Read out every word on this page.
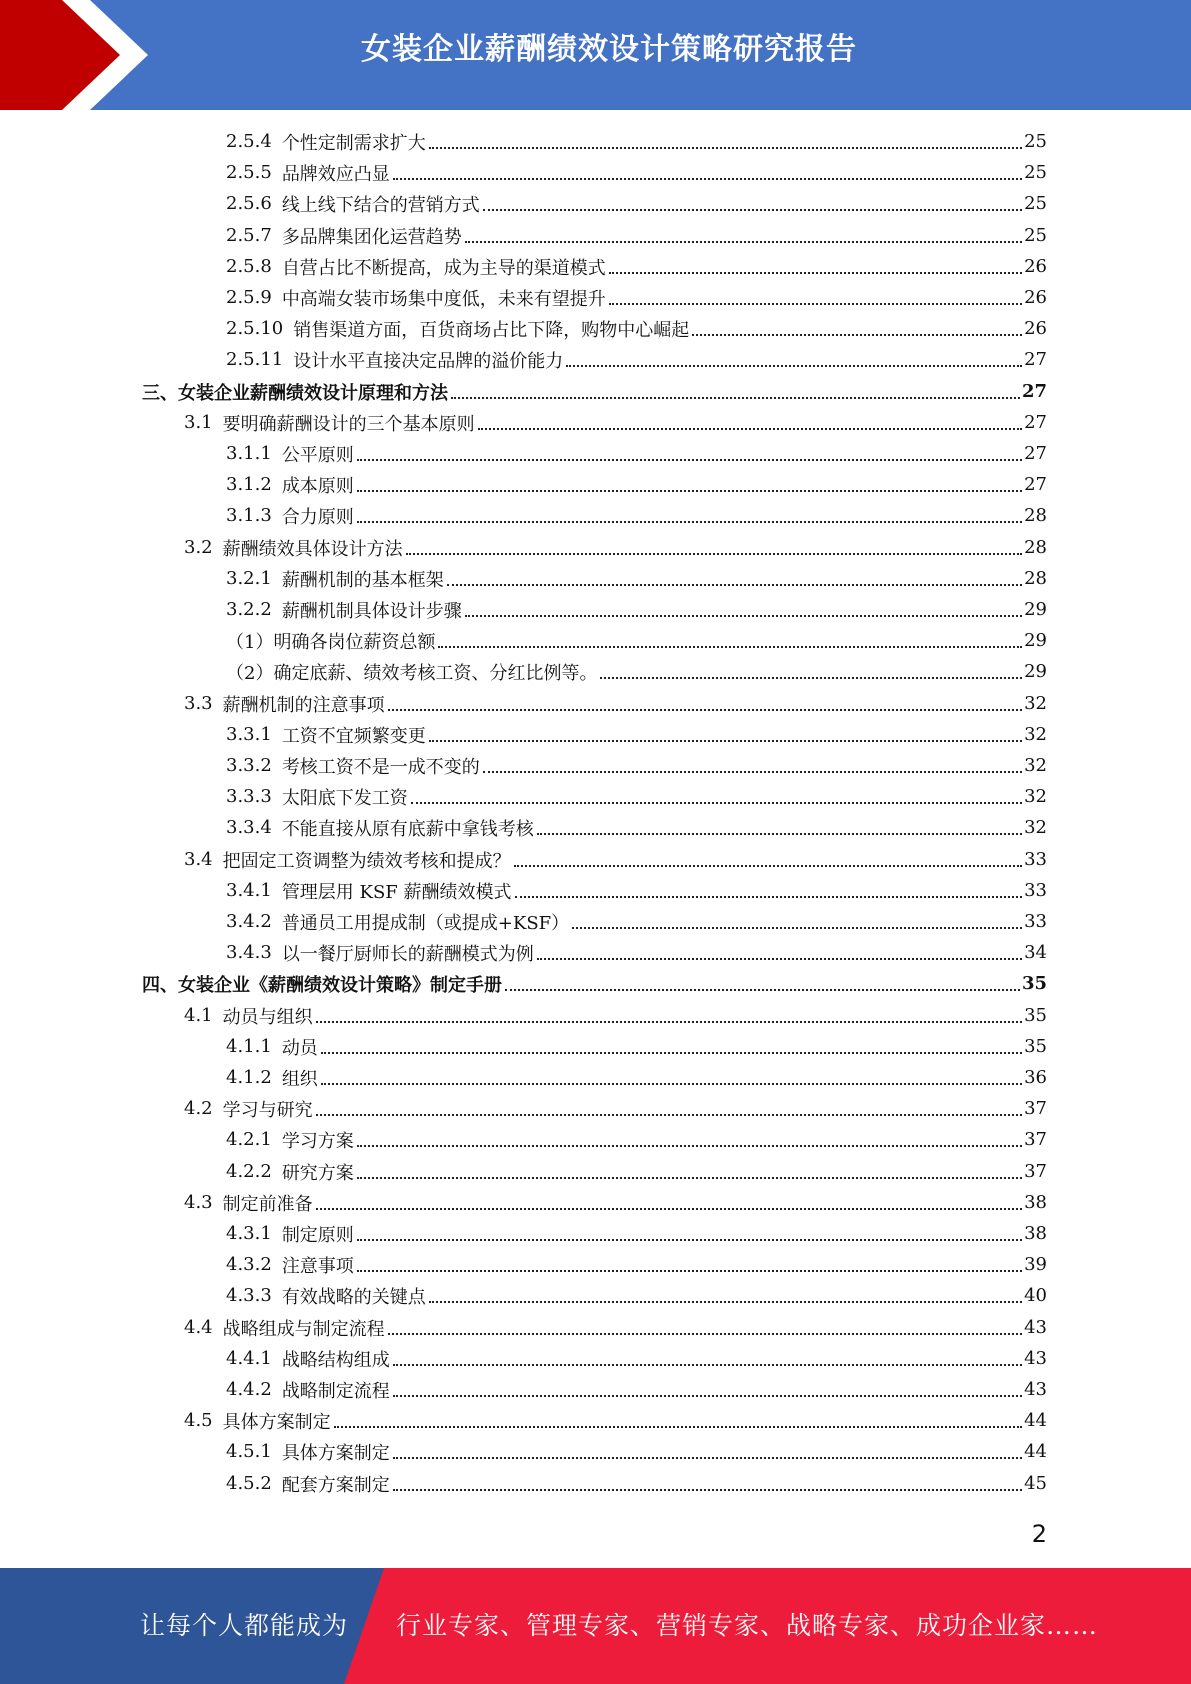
女装企业薪酬绩效设计策略研究报告
2.5.4 个性定制需求扩大	25
2.5.5 品牌效应凸显	25
2.5.6 线上线下结合的营销方式	25
2.5.7 多品牌集团化运营趋势	25
2.5.8 自营占比不断提高，成为主导的渠道模式	26
2.5.9 中高端女装市场集中度低，未来有望提升	26
2.5.10 销售渠道方面，百货商场占比下降，购物中心崛起	26
2.5.11 设计水平直接决定品牌的溢价能力	27
三、 女装企业薪酬绩效设计原理和方法	27
3.1 要明确薪酬设计的三个基本原则	27
3.1.1 公平原则	27
3.1.2 成本原则	27
3.1.3 合力原则	28
3.2 薪酬绩效具体设计方法	28
3.2.1 薪酬机制的基本框架	28
3.2.2 薪酬机制具体设计步骤	29
（1）明确各岗位薪资总额	29
（2）确定底薪、绩效考核工资、分红比例等。	29
3.3 薪酬机制的注意事项	32
3.3.1 工资不宜频繁变更	32
3.3.2 考核工资不是一成不变的	32
3.3.3 太阳底下发工资	32
3.3.4 不能直接从原有底薪中拿钱考核	32
3.4 把固定工资调整为绩效考核和提成？	33
3.4.1 管理层用 KSF 薪酬绩效模式	33
3.4.2 普通员工用提成制（或提成+KSF）	33
3.4.3 以一餐厅厨师长的薪酬模式为例	34
四、 女装企业《薪酬绩效设计策略》制定手册	35
4.1 动员与组织	35
4.1.1 动员	35
4.1.2 组织	36
4.2 学习与研究	37
4.2.1 学习方案	37
4.2.2 研究方案	37
4.3 制定前准备	38
4.3.1 制定原则	38
4.3.2 注意事项	39
4.3.3 有效战略的关键点	40
4.4 战略组成与制定流程	43
4.4.1 战略结构组成	43
4.4.2 战略制定流程	43
4.5 具体方案制定	44
4.5.1 具体方案制定	44
4.5.2 配套方案制定	45
2
让每个人都能成为 行业专家、管理专家、营销专家、战略专家、成功企业家……
